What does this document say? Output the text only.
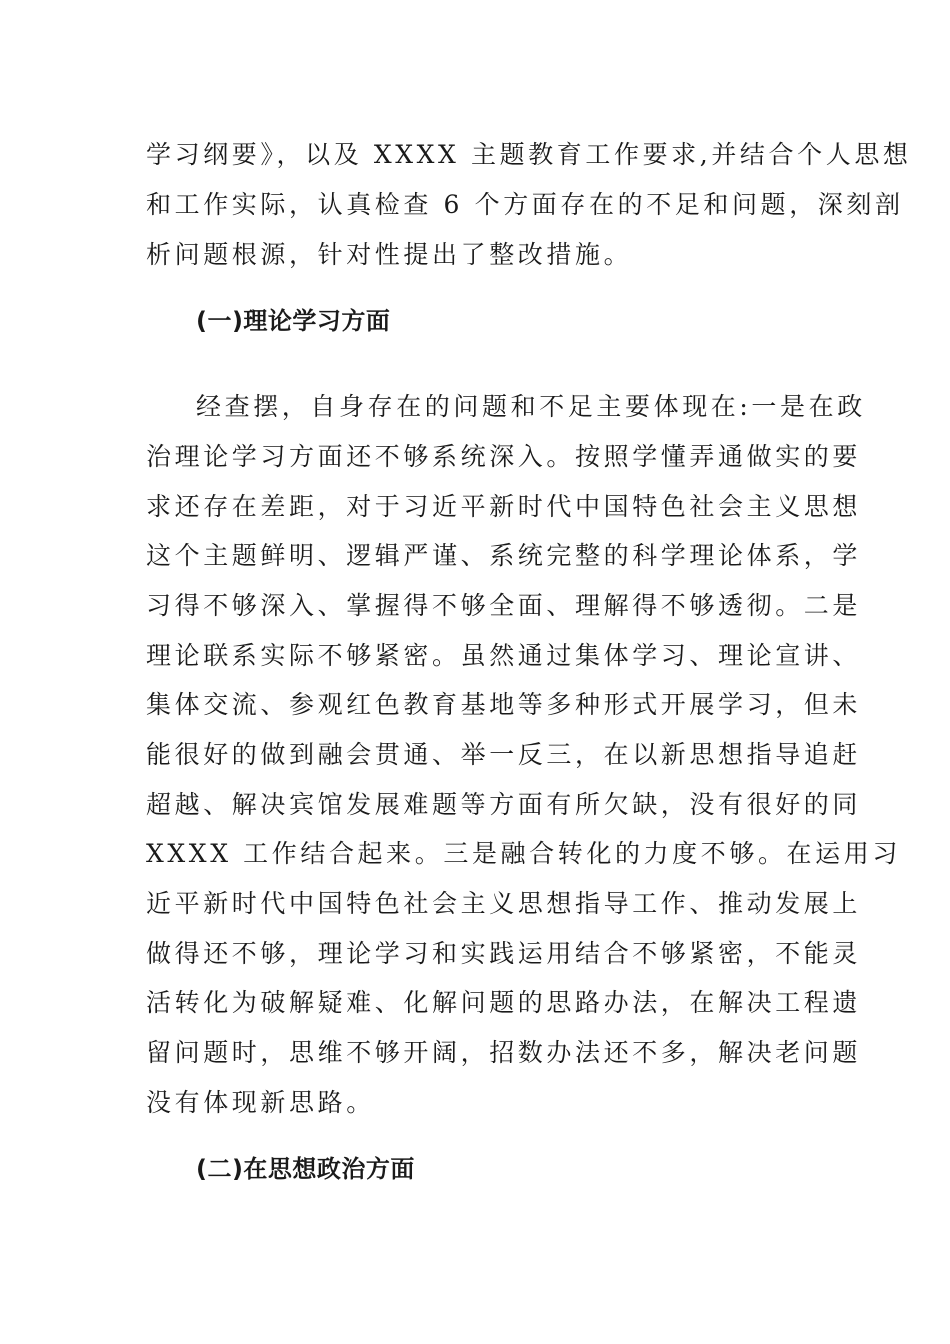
学习纲要》，以及 XXXX 主题教育工作要求,并结合个人思想
和工作实际，认真检查 6 个方面存在的不足和问题，深刻剖
析问题根源，针对性提出了整改措施。
(一)理论学习方面
经查摆，自身存在的问题和不足主要体现在:一是在政
治理论学习方面还不够系统深入。按照学懂弄通做实的要
求还存在差距，对于习近平新时代中国特色社会主义思想
这个主题鲜明、逻辑严谨、系统完整的科学理论体系，学
习得不够深入、掌握得不够全面、理解得不够透彻。二是
理论联系实际不够紧密。虽然通过集体学习、理论宣讲、
集体交流、参观红色教育基地等多种形式开展学习，但未
能很好的做到融会贯通、举一反三，在以新思想指导追赶
超越、解决宾馆发展难题等方面有所欠缺，没有很好的同
XXXX 工作结合起来。三是融合转化的力度不够。在运用习
近平新时代中国特色社会主义思想指导工作、推动发展上
做得还不够，理论学习和实践运用结合不够紧密，不能灵
活转化为破解疑难、化解问题的思路办法，在解决工程遗
留问题时，思维不够开阔，招数办法还不多，解决老问题
没有体现新思路。
(二)在思想政治方面
